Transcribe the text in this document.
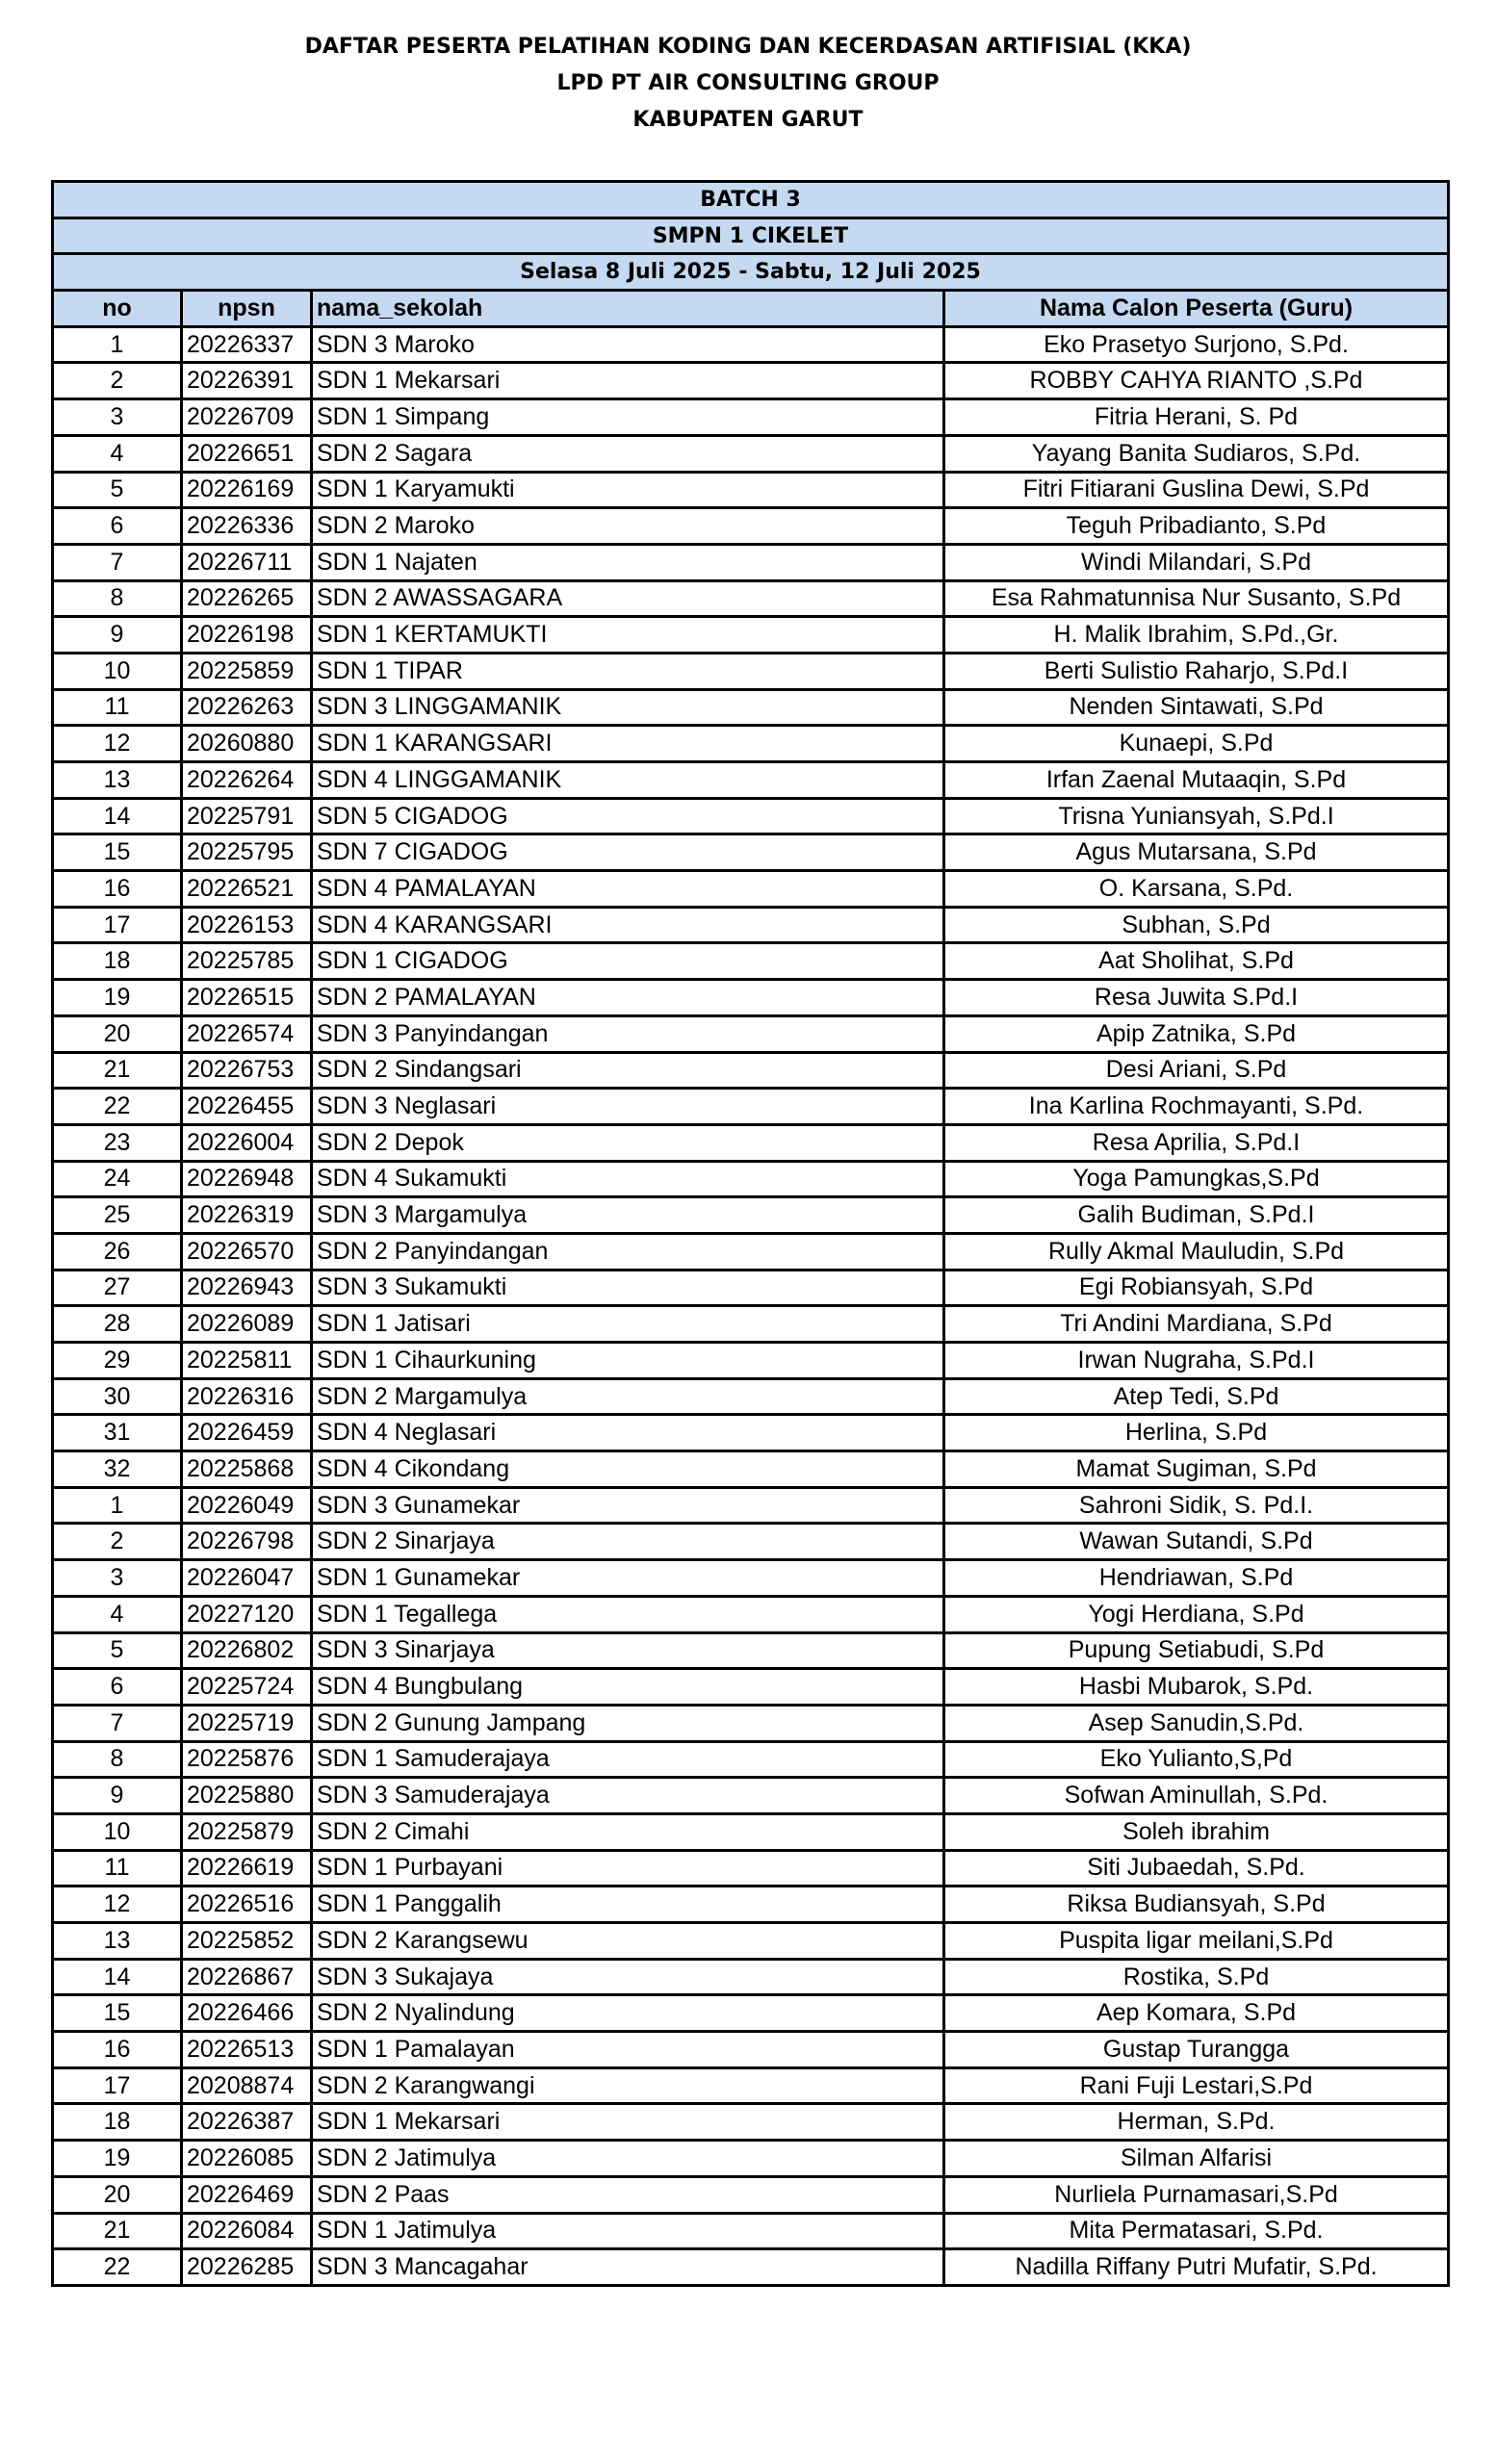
DAFTAR PESERTA PELATIHAN KODING DAN KECERDASAN ARTIFISIAL (KKA)
LPD PT AIR CONSULTING GROUP
KABUPATEN GARUT
BATCH 3			
SMPN 1 CIKELET			
Selasa 8 Juli 2025 - Sabtu, 12 Juli 2025			
no	npsn	nama_sekolah	Nama Calon Peserta (Guru)
1	20226337	SDN 3 Maroko	Eko Prasetyo Surjono, S.Pd.
2	20226391	SDN 1 Mekarsari	ROBBY CAHYA RIANTO ,S.Pd
3	20226709	SDN 1 Simpang	Fitria Herani, S. Pd
4	20226651	SDN 2 Sagara	Yayang Banita Sudiaros, S.Pd.
5	20226169	SDN 1 Karyamukti	Fitri Fitiarani Guslina Dewi, S.Pd
6	20226336	SDN 2 Maroko	Teguh Pribadianto, S.Pd
7	20226711	SDN 1 Najaten	Windi Milandari, S.Pd
8	20226265	SDN 2 AWASSAGARA	Esa Rahmatunnisa Nur Susanto, S.Pd
9	20226198	SDN 1 KERTAMUKTI	H. Malik Ibrahim, S.Pd.,Gr.
10	20225859	SDN 1 TIPAR	Berti Sulistio Raharjo, S.Pd.I
11	20226263	SDN 3 LINGGAMANIK	Nenden Sintawati, S.Pd
12	20260880	SDN 1 KARANGSARI	Kunaepi, S.Pd
13	20226264	SDN 4 LINGGAMANIK	Irfan Zaenal Mutaaqin, S.Pd
14	20225791	SDN 5 CIGADOG	Trisna Yuniansyah, S.Pd.I
15	20225795	SDN 7 CIGADOG	Agus Mutarsana, S.Pd
16	20226521	SDN 4 PAMALAYAN	O. Karsana, S.Pd.
17	20226153	SDN 4 KARANGSARI	Subhan, S.Pd
18	20225785	SDN 1 CIGADOG	Aat Sholihat, S.Pd
19	20226515	SDN 2 PAMALAYAN	Resa Juwita S.Pd.I
20	20226574	SDN 3 Panyindangan	Apip Zatnika, S.Pd
21	20226753	SDN 2 Sindangsari	Desi Ariani, S.Pd
22	20226455	SDN 3 Neglasari	Ina Karlina Rochmayanti, S.Pd.
23	20226004	SDN 2 Depok	Resa Aprilia, S.Pd.I
24	20226948	SDN 4 Sukamukti	Yoga Pamungkas,S.Pd
25	20226319	SDN 3 Margamulya	Galih Budiman, S.Pd.I
26	20226570	SDN 2 Panyindangan	Rully Akmal Mauludin, S.Pd
27	20226943	SDN 3 Sukamukti	Egi Robiansyah, S.Pd
28	20226089	SDN 1 Jatisari	Tri Andini Mardiana, S.Pd
29	20225811	SDN 1 Cihaurkuning	Irwan Nugraha, S.Pd.I
30	20226316	SDN 2 Margamulya	Atep Tedi, S.Pd
31	20226459	SDN 4 Neglasari	Herlina, S.Pd
32	20225868	SDN 4 Cikondang	Mamat Sugiman, S.Pd
1	20226049	SDN 3 Gunamekar	Sahroni Sidik, S. Pd.I.
2	20226798	SDN 2 Sinarjaya	Wawan Sutandi, S.Pd
3	20226047	SDN 1 Gunamekar	Hendriawan, S.Pd
4	20227120	SDN 1 Tegallega	Yogi Herdiana, S.Pd
5	20226802	SDN 3 Sinarjaya	Pupung Setiabudi, S.Pd
6	20225724	SDN 4 Bungbulang	Hasbi Mubarok, S.Pd.
7	20225719	SDN 2 Gunung Jampang	Asep Sanudin,S.Pd.
8	20225876	SDN 1 Samuderajaya	Eko Yulianto,S,Pd
9	20225880	SDN 3 Samuderajaya	Sofwan Aminullah, S.Pd.
10	20225879	SDN 2 Cimahi	Soleh ibrahim
11	20226619	SDN 1 Purbayani	Siti Jubaedah, S.Pd.
12	20226516	SDN 1 Panggalih	Riksa Budiansyah, S.Pd
13	20225852	SDN 2 Karangsewu	Puspita ligar meilani,S.Pd
14	20226867	SDN 3 Sukajaya	Rostika, S.Pd
15	20226466	SDN 2 Nyalindung	Aep Komara, S.Pd
16	20226513	SDN 1 Pamalayan	Gustap Turangga
17	20208874	SDN 2 Karangwangi	Rani Fuji Lestari,S.Pd
18	20226387	SDN 1 Mekarsari	Herman, S.Pd.
19	20226085	SDN 2 Jatimulya	Silman Alfarisi
20	20226469	SDN 2 Paas	Nurliela Purnamasari,S.Pd
21	20226084	SDN 1 Jatimulya	Mita Permatasari, S.Pd.
22	20226285	SDN 3 Mancagahar	Nadilla Riffany Putri Mufatir, S.Pd.
